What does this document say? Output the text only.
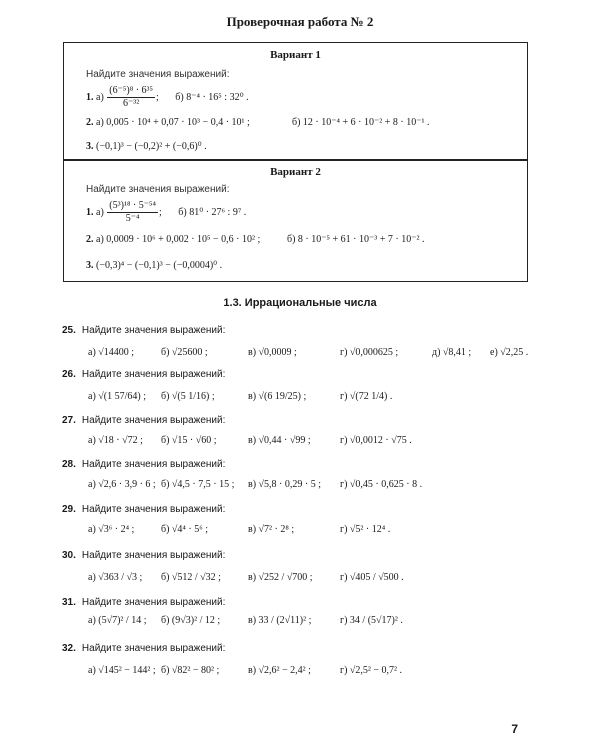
Проверочная работа № 2
Вариант 1
Найдите значения выражений:
1. $а) \frac{\text{(6⁻⁵)⁸ · 6³⁵}}{\text{6⁻³²}}$ ; б) 8⁻⁴ · 16⁵ : 32⁰ .
2. а) 0,005 · 10⁴ + 0,07 · 10³ − 0,4 · 10¹ ;	б) 12 · 10⁻⁴ + 6 · 10⁻² + 8 · 10⁻¹ .
3. (−0,1)³ − (−0,2)² + (−0,6)⁰ .
Вариант 2
Найдите значения выражений:
1. $а) \frac{\text{(5³)¹⁸ · 5⁻⁵⁴}}{\text{5⁻⁴}}$ ; б) 81⁰ · 27⁶ : 9⁷ .
2. а) 0,0009 · 10⁶ + 0,002 · 10⁵ − 0,6 · 10² ;	б) 8 · 10⁻⁵ + 61 · 10⁻³ + 7 · 10⁻² .
3. (−0,3)⁴ − (−0,1)³ − (−0,0004)⁰ .
1.3. Иррациональные числа
25. Найдите значения выражений:
а) √14400 ;	б) √25600 ;	в) √0,0009 ;	г) √0,000625 ;	д) √8,41 ; е) √2,25 .
26. Найдите значения выражений:
а) √(1 57/64) ; б) √(5 1/16) ;	в) √(6 19/25) ;	г) √(72 1/4) .
27. Найдите значения выражений:
а) √18 · √72 ; б) √15 · √60 ;	в) √0,44 · √99 ;	г) √0,0012 · √75 .
28. Найдите значения выражений:
а) √2,6 · 3,9 · 6 ; б) √4,5 · 7,5 · 15 ; в) √5,8 · 0,29 · 5 ; г) √0,45 · 0,625 · 8 .
29. Найдите значения выражений:
а) √3⁶ · 2⁴ ;	б) √4⁴ · 5⁶ ;	в) √7² · 2⁸ ;	г) √5² · 12⁴ .
30. Найдите значения выражений:
а) √363 / √3 ; б) √512 / √32 ;	в) √252 / √700 ;	г) √405 / √500 .
31. Найдите значения выражений:
а) (5√7)² / 14 ; б) (9√3)² / 12 ;	в) 33 / (2√11)² ;	г) 34 / (5√17)² .
32. Найдите значения выражений:
а) √145² − 144² ; б) √82² − 80² ;	в) √2,6² − 2,4² ;	г) √2,5² − 0,7² .
7
